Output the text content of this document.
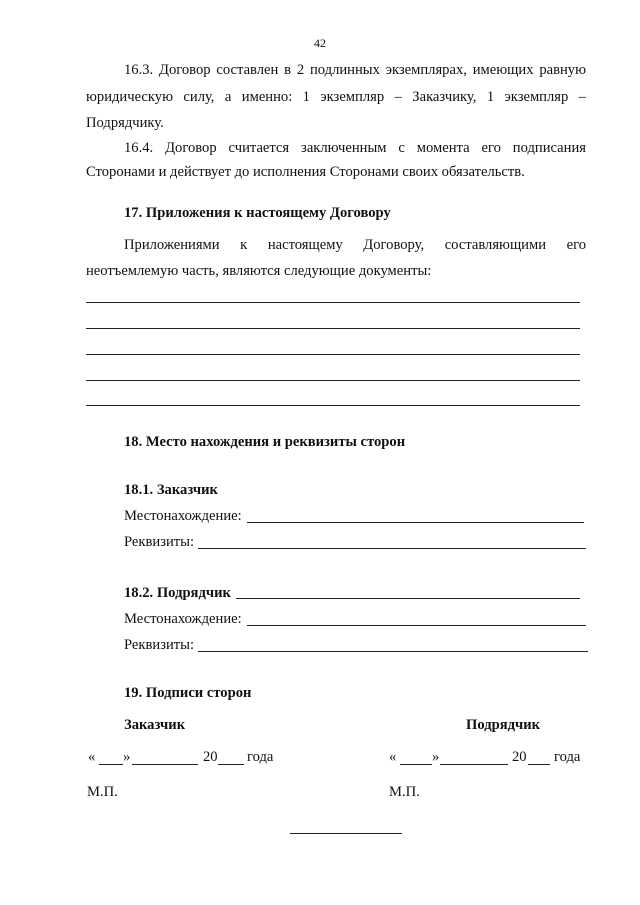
42
16.3. Договор составлен в 2 подлинных экземплярах, имеющих равную
юридическую силу, а именно: 1 экземпляр – Заказчику, 1 экземпляр –
Подрядчику.
16.4. Договор считается заключенным с момента его подписания
Сторонами и действует до исполнения Сторонами своих обязательств.
17. Приложения к настоящему Договору
Приложениями к настоящему Договору, составляющими его
неотъемлемую часть, являются следующие документы:
18. Место нахождения и реквизиты сторон
18.1. Заказчик
Местонахождение:
Реквизиты:
18.2. Подрядчик
Местонахождение:
Реквизиты:
19. Подписи сторон
Заказчик	Подрядчик
« »	20 года	« »	20 года
М.П.	М.П.
